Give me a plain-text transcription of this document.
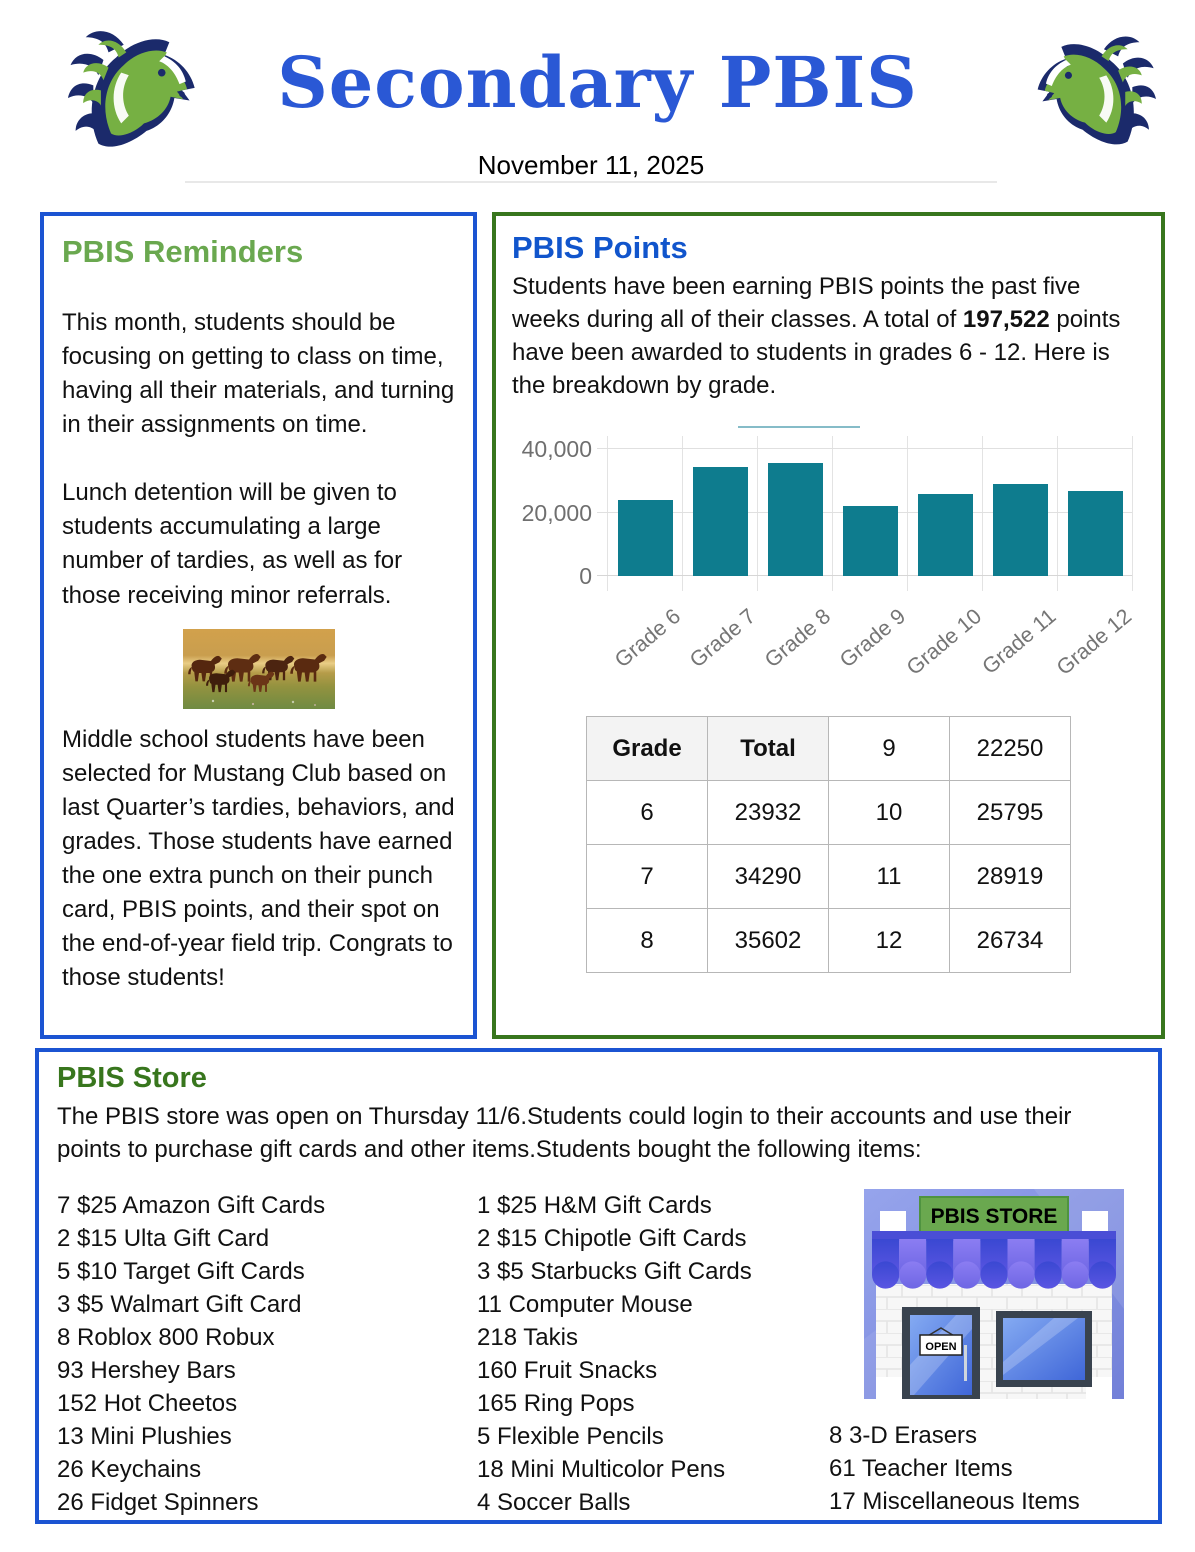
Secondary PBIS
November 11, 2025
PBIS Reminders

This month, students should be focusing on getting to class on time, having all their materials, and turning in their assignments on time.

Lunch detention will be given to students accumulating a large number of tardies, as well as for those receiving minor referrals.

Middle school students have been selected for Mustang Club based on last Quarter’s tardies, behaviors, and grades. Those students have earned the one extra punch on their punch card, PBIS points, and their spot on the end-of-year field trip. Congrats to those students!

PBIS Points

Students have been earning PBIS points the past five weeks during all of their classes. A total of 197,522 points have been awarded to students in grades 6 - 12. Here is the breakdown by grade.

Grade 6 Grade 7 Grade 8 Grade 9
Grade 10
Grade 11
Grade 12
0
20,000
40,000
Grade	Total	9	22250
6	23932	10	25795
7	34290	11	28919
8	35602	12	26734
PBIS Store

The PBIS store was open on Thursday 11/6.Students could login to their accounts and use their points to purchase gift cards and other items.Students bought the following items:

7 $25 Amazon Gift Cards
2 $15 Ulta Gift Card
5 $10 Target Gift Cards
3 $5 Walmart Gift Card
8 Roblox 800 Robux
93 Hershey Bars
152 Hot Cheetos
13 Mini Plushies
26 Keychains
26 Fidget Spinners
1 $25 H&M Gift Cards
2 $15 Chipotle Gift Cards
3 $5 Starbucks Gift Cards
11 Computer Mouse
218 Takis
160 Fruit Snacks
165 Ring Pops
5 Flexible Pencils
18 Mini Multicolor Pens
4 Soccer Balls
PBIS STORE
OPEN
8 3-D Erasers
61 Teacher Items
17 Miscellaneous Items
